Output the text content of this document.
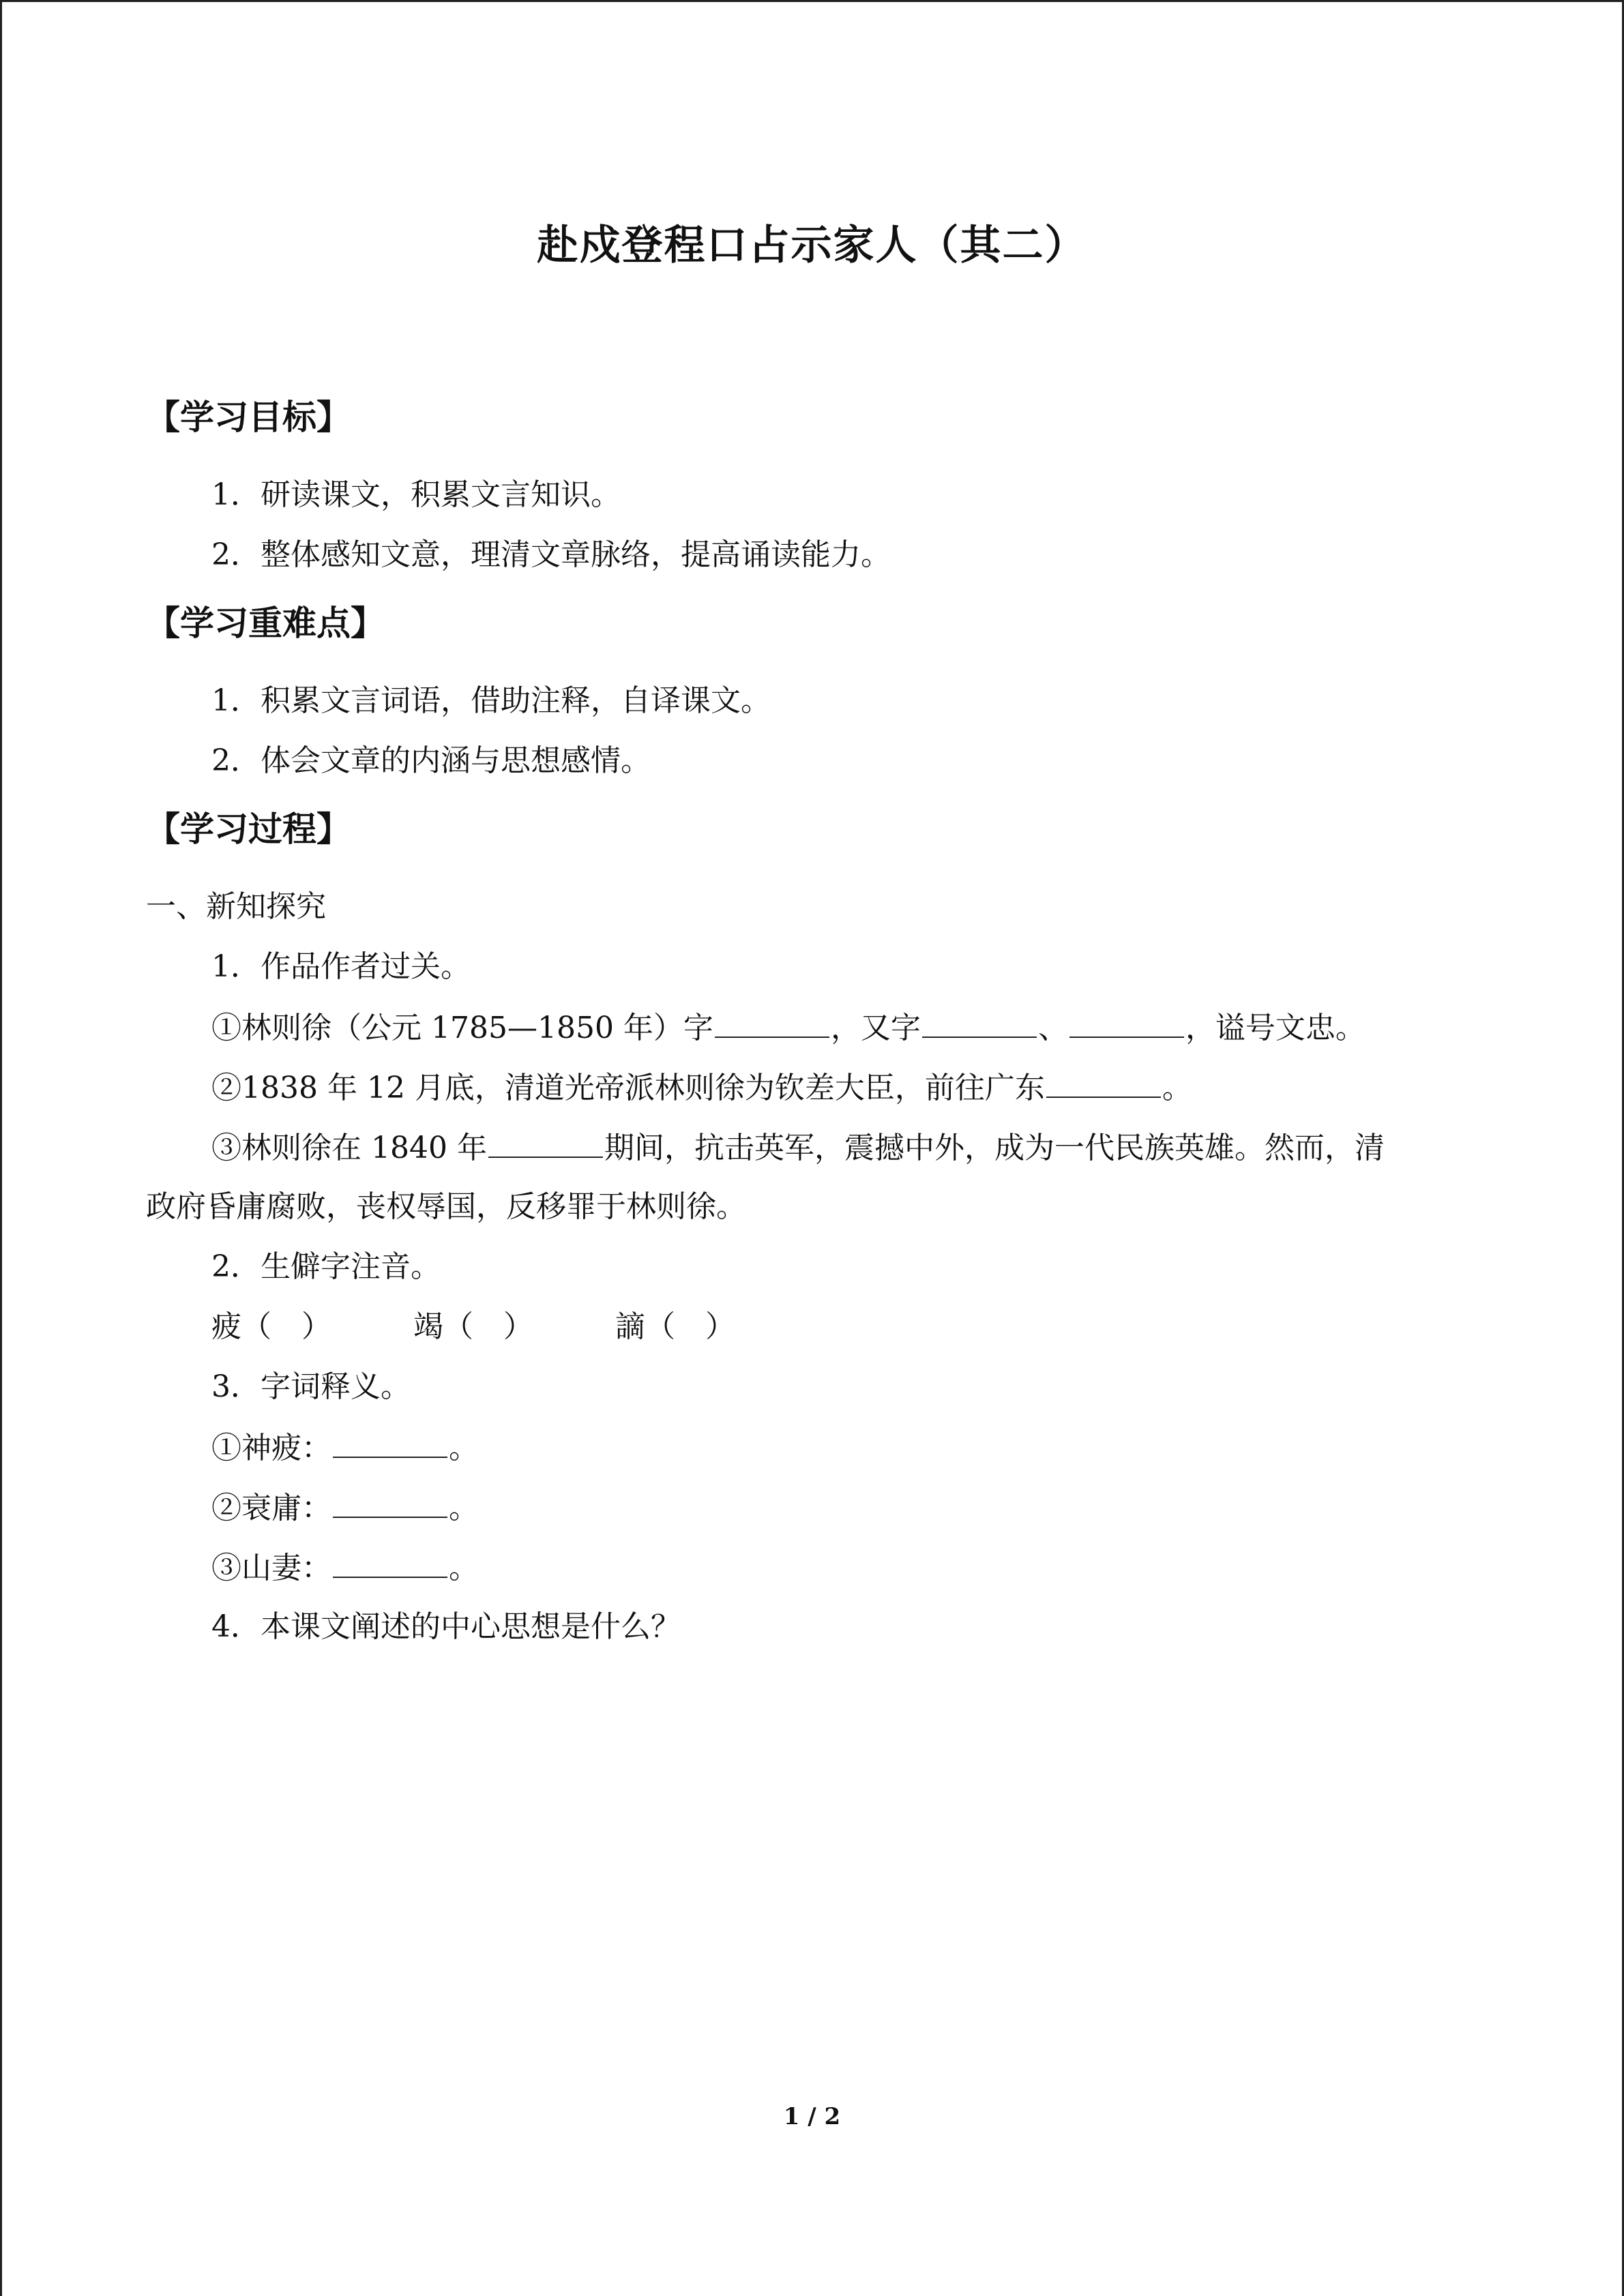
赴戍登程口占示家人（其二）
【学习目标】
1．研读课文，积累文言知识。
2．整体感知文意，理清文章脉络，提高诵读能力。
【学习重难点】
1．积累文言词语，借助注释，自译课文。
2．体会文章的内涵与思想感情。
【学习过程】
一、新知探究
1．作品作者过关。
①林则徐（公元 1785—1850 年）字	，又字	、	，谥号文忠。
②1838 年 12 月底，清道光帝派林则徐为钦差大臣，前往广东	。
③林则徐在 1840 年	期间，抗击英军，震撼中外，成为一代民族英雄。然而，清
政府昏庸腐败，丧权辱国，反移罪于林则徐。
2．生僻字注音。
疲（　）	竭（　）	謫（　）
3．字词释义。
①神疲：	。
②衰庸：	。
③山妻：	。
4．本课文阐述的中心思想是什么？
1 / 2
